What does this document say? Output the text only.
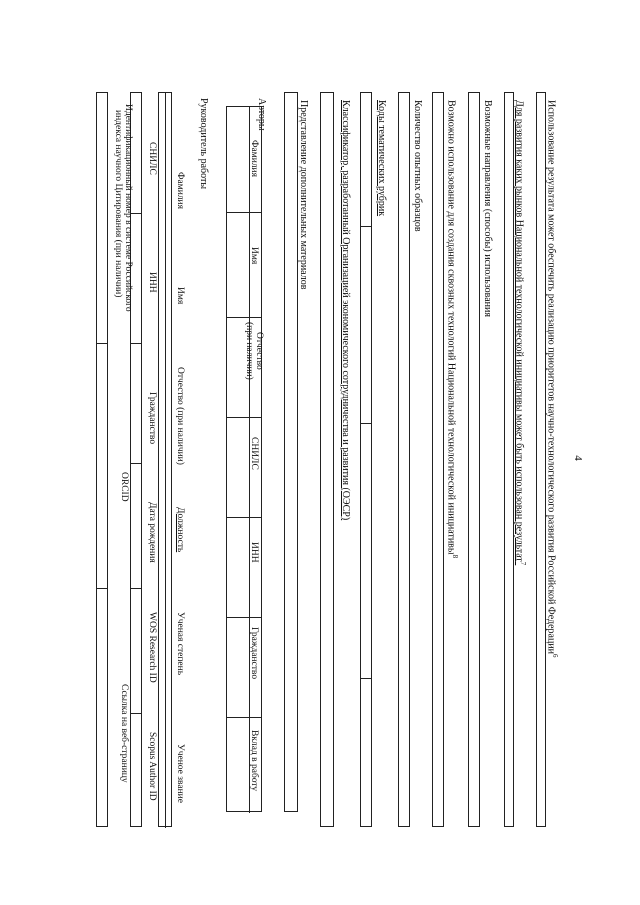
4
Использование результата может обеспечить реализацию приоритетов научно-технологического развития Российской Федерации$^6$
Для развития каких рынков Национальной технологической инициативы может быть использован результат$^7$
Возможные направления (способы) использования
Возможно использование для создания сквозных технологий Национальной технологической инициативы$^8$
Количество опытных образцов
Коды тематических рубрик
Классификатор, разработанный Организацией экономического сотрудничества и развития (ОЭСР)
Представление дополнительных материалов
Авторы
Фамилия
Имя
Отчество
(при наличии)
СНИЛС
ИНН
Гражданство
Вклад в работу
Руководитель работы
Фамилия
Имя
Отчество (при наличии)
Должность
Ученая степень
Ученое звание
СНИЛС
ИНН
Гражданство
Дата рождения
WOS Research ID
Scopus Author ID
Идентификационный номер в системе Российского
индекса научного Цитирования (при наличии)
ORCID
Ссылка на веб-страницу
